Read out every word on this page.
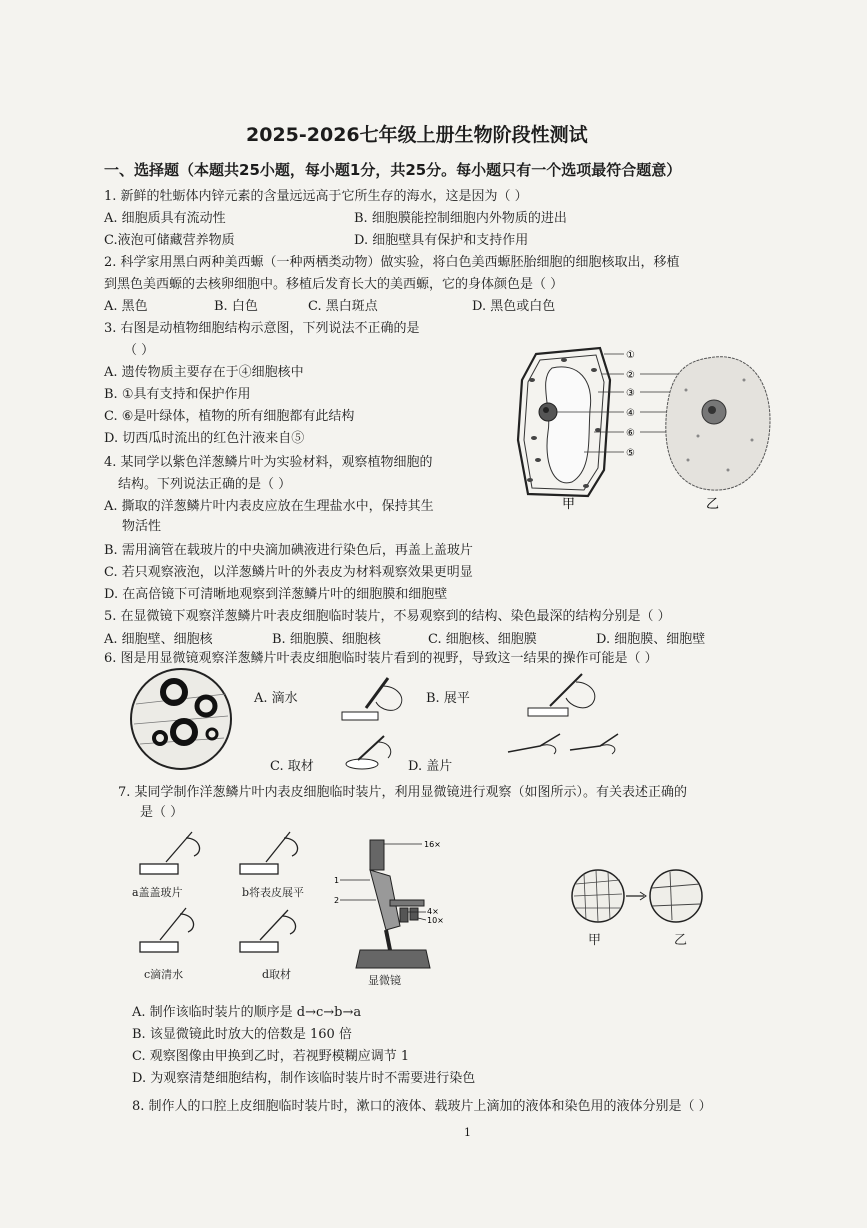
2025-2026七年级上册生物阶段性测试
一、选择题（本题共25小题，每小题1分，共25分。每小题只有一个选项最符合题意）
1. 新鲜的牡蛎体内锌元素的含量远远高于它所生存的海水，这是因为（ ）
A. 细胞质具有流动性	B. 细胞膜能控制细胞内外物质的进出
C.液泡可储藏营养物质	D. 细胞壁具有保护和支持作用
2. 科学家用黑白两种美西螈（一种两栖类动物）做实验，将白色美西螈胚胎细胞的细胞核取出，移植
到黑色美西螈的去核卵细胞中。移植后发育长大的美西螈，它的身体颜色是（ ）
A. 黑色	B. 白色	C. 黑白斑点	D. 黑色或白色
3. 右图是动植物细胞结构示意图，下列说法不正确的是
（ ）
A. 遗传物质主要存在于④细胞核中
B. ①具有支持和保护作用
C. ⑥是叶绿体，植物的所有细胞都有此结构
D. 切西瓜时流出的红色汁液来自⑤
①
②
③
④
⑥
⑤
甲	乙
4. 某同学以紫色洋葱鳞片叶为实验材料，观察植物细胞的
结构。下列说法正确的是（ ）
A. 撕取的洋葱鳞片叶内表皮应放在生理盐水中，保持其生
物活性
B. 需用滴管在载玻片的中央滴加碘液进行染色后，再盖上盖玻片
C. 若只观察液泡，以洋葱鳞片叶的外表皮为材料观察效果更明显
D. 在高倍镜下可清晰地观察到洋葱鳞片叶的细胞膜和细胞壁
5. 在显微镜下观察洋葱鳞片叶表皮细胞临时装片，不易观察到的结构、染色最深的结构分别是（ ）
A. 细胞壁、细胞核	B. 细胞膜、细胞核	C. 细胞核、细胞膜	D. 细胞膜、细胞壁
6. 图是用显微镜观察洋葱鳞片叶表皮细胞临时装片看到的视野，导致这一结果的操作可能是（ ）
A. 滴水	B. 展平
C. 取材	D. 盖片
7. 某同学制作洋葱鳞片叶内表皮细胞临时装片，利用显微镜进行观察（如图所示）。有关表述正确的
是（ ）
a盖盖玻片	b将表皮展平
c滴清水	d取材
16×
1
2
4×
10×
显微镜
甲	乙
A. 制作该临时装片的顺序是 d→c→b→a
B. 该显微镜此时放大的倍数是 160 倍
C. 观察图像由甲换到乙时，若视野模糊应调节 1
D. 为观察清楚细胞结构，制作该临时装片时不需要进行染色
8. 制作人的口腔上皮细胞临时装片时，漱口的液体、载玻片上滴加的液体和染色用的液体分别是（ ）
1
